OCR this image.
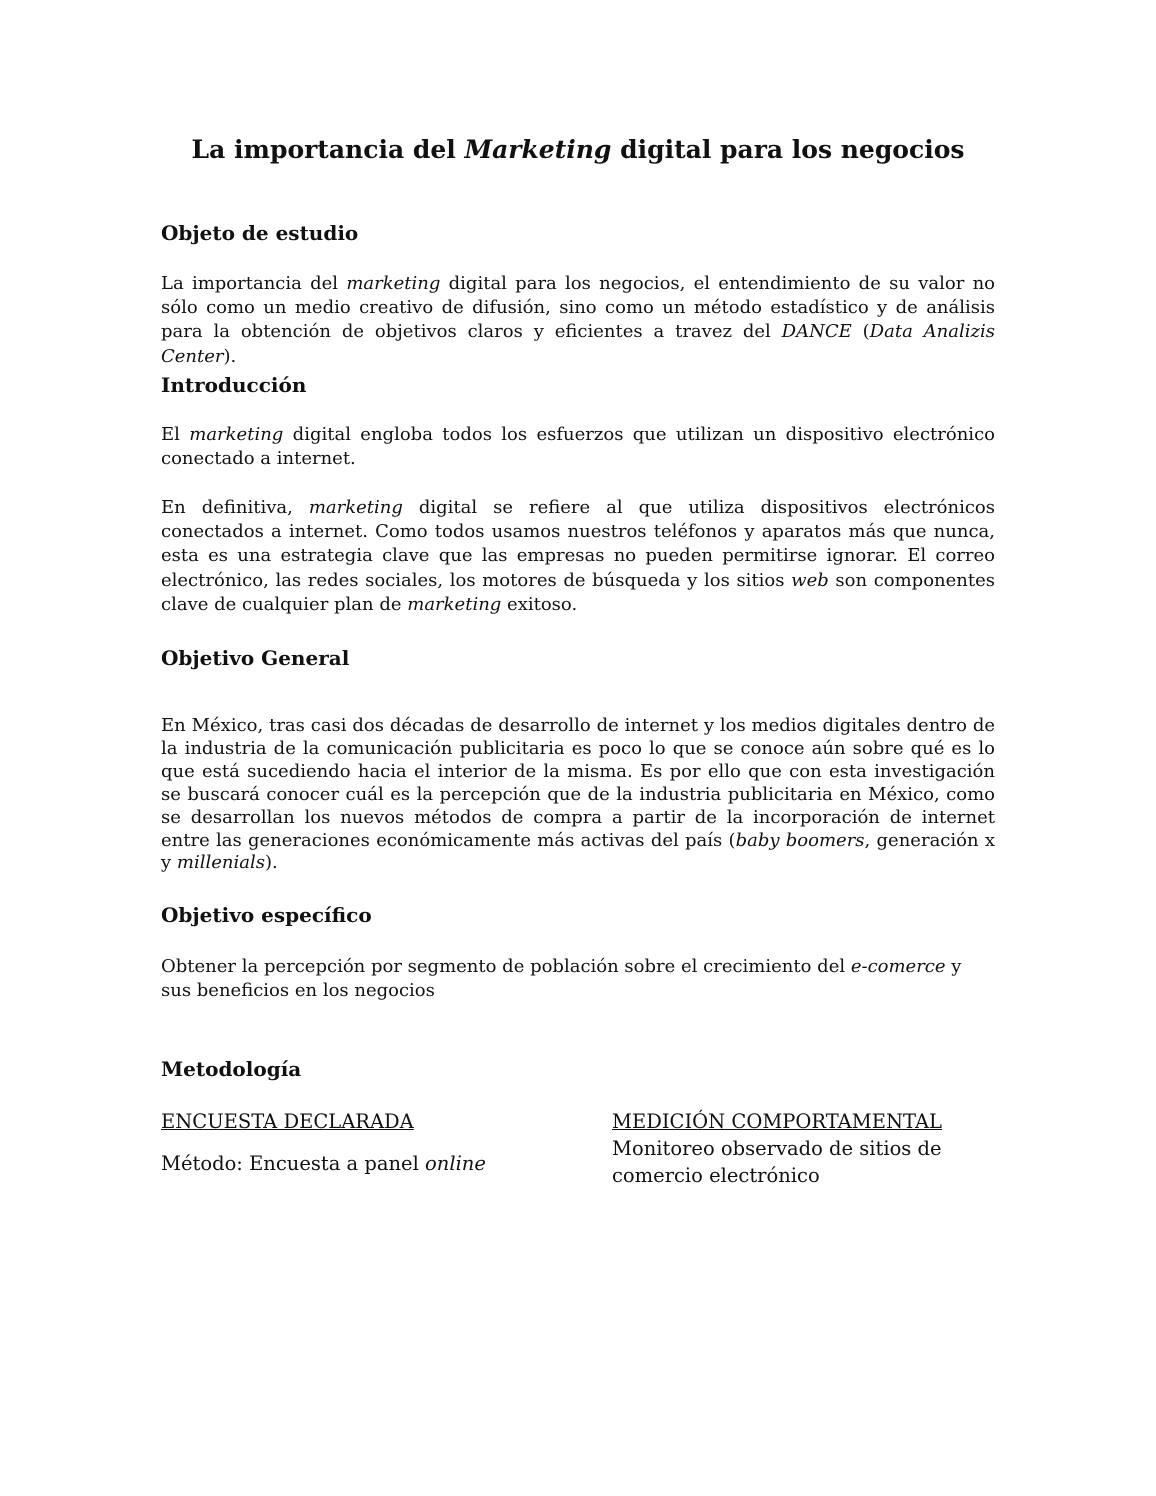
La importancia del Marketing digital para los negocios
Objeto de estudio

La importancia del marketing digital para los negocios, el entendimiento de su valor no sólo como un medio creativo de difusión, sino como un método estadístico y de análisis para la obtención de objetivos claros y eficientes a travez del DANCE (Data Analizis Center).

Introducción

El marketing digital engloba todos los esfuerzos que utilizan un dispositivo electrónico conectado a internet.

En definitiva, marketing digital se refiere al que utiliza dispositivos electrónicos conectados a internet. Como todos usamos nuestros teléfonos y aparatos más que nunca, esta es una estrategia clave que las empresas no pueden permitirse ignorar. El correo electrónico, las redes sociales, los motores de búsqueda y los sitios web son componentes clave de cualquier plan de marketing exitoso.

Objetivo General

En México, tras casi dos décadas de desarrollo de internet y los medios digitales dentro de la industria de la comunicación publicitaria es poco lo que se conoce aún sobre qué es lo que está sucediendo hacia el interior de la misma. Es por ello que con esta investigación se buscará conocer cuál es la percepción que de la industria publicitaria en México, como se desarrollan los nuevos métodos de compra a partir de la incorporación de internet entre las generaciones económicamente más activas del país (baby boomers, generación x y millenials).

Objetivo específico

Obtener la percepción por segmento de población sobre el crecimiento del e-comerce y sus beneficios en los negocios

Metodología
ENCUESTA DECLARADA
Método: Encuesta a panel online
MEDICIÓN COMPORTAMENTAL
Monitoreo observado de sitios de comercio electrónico
